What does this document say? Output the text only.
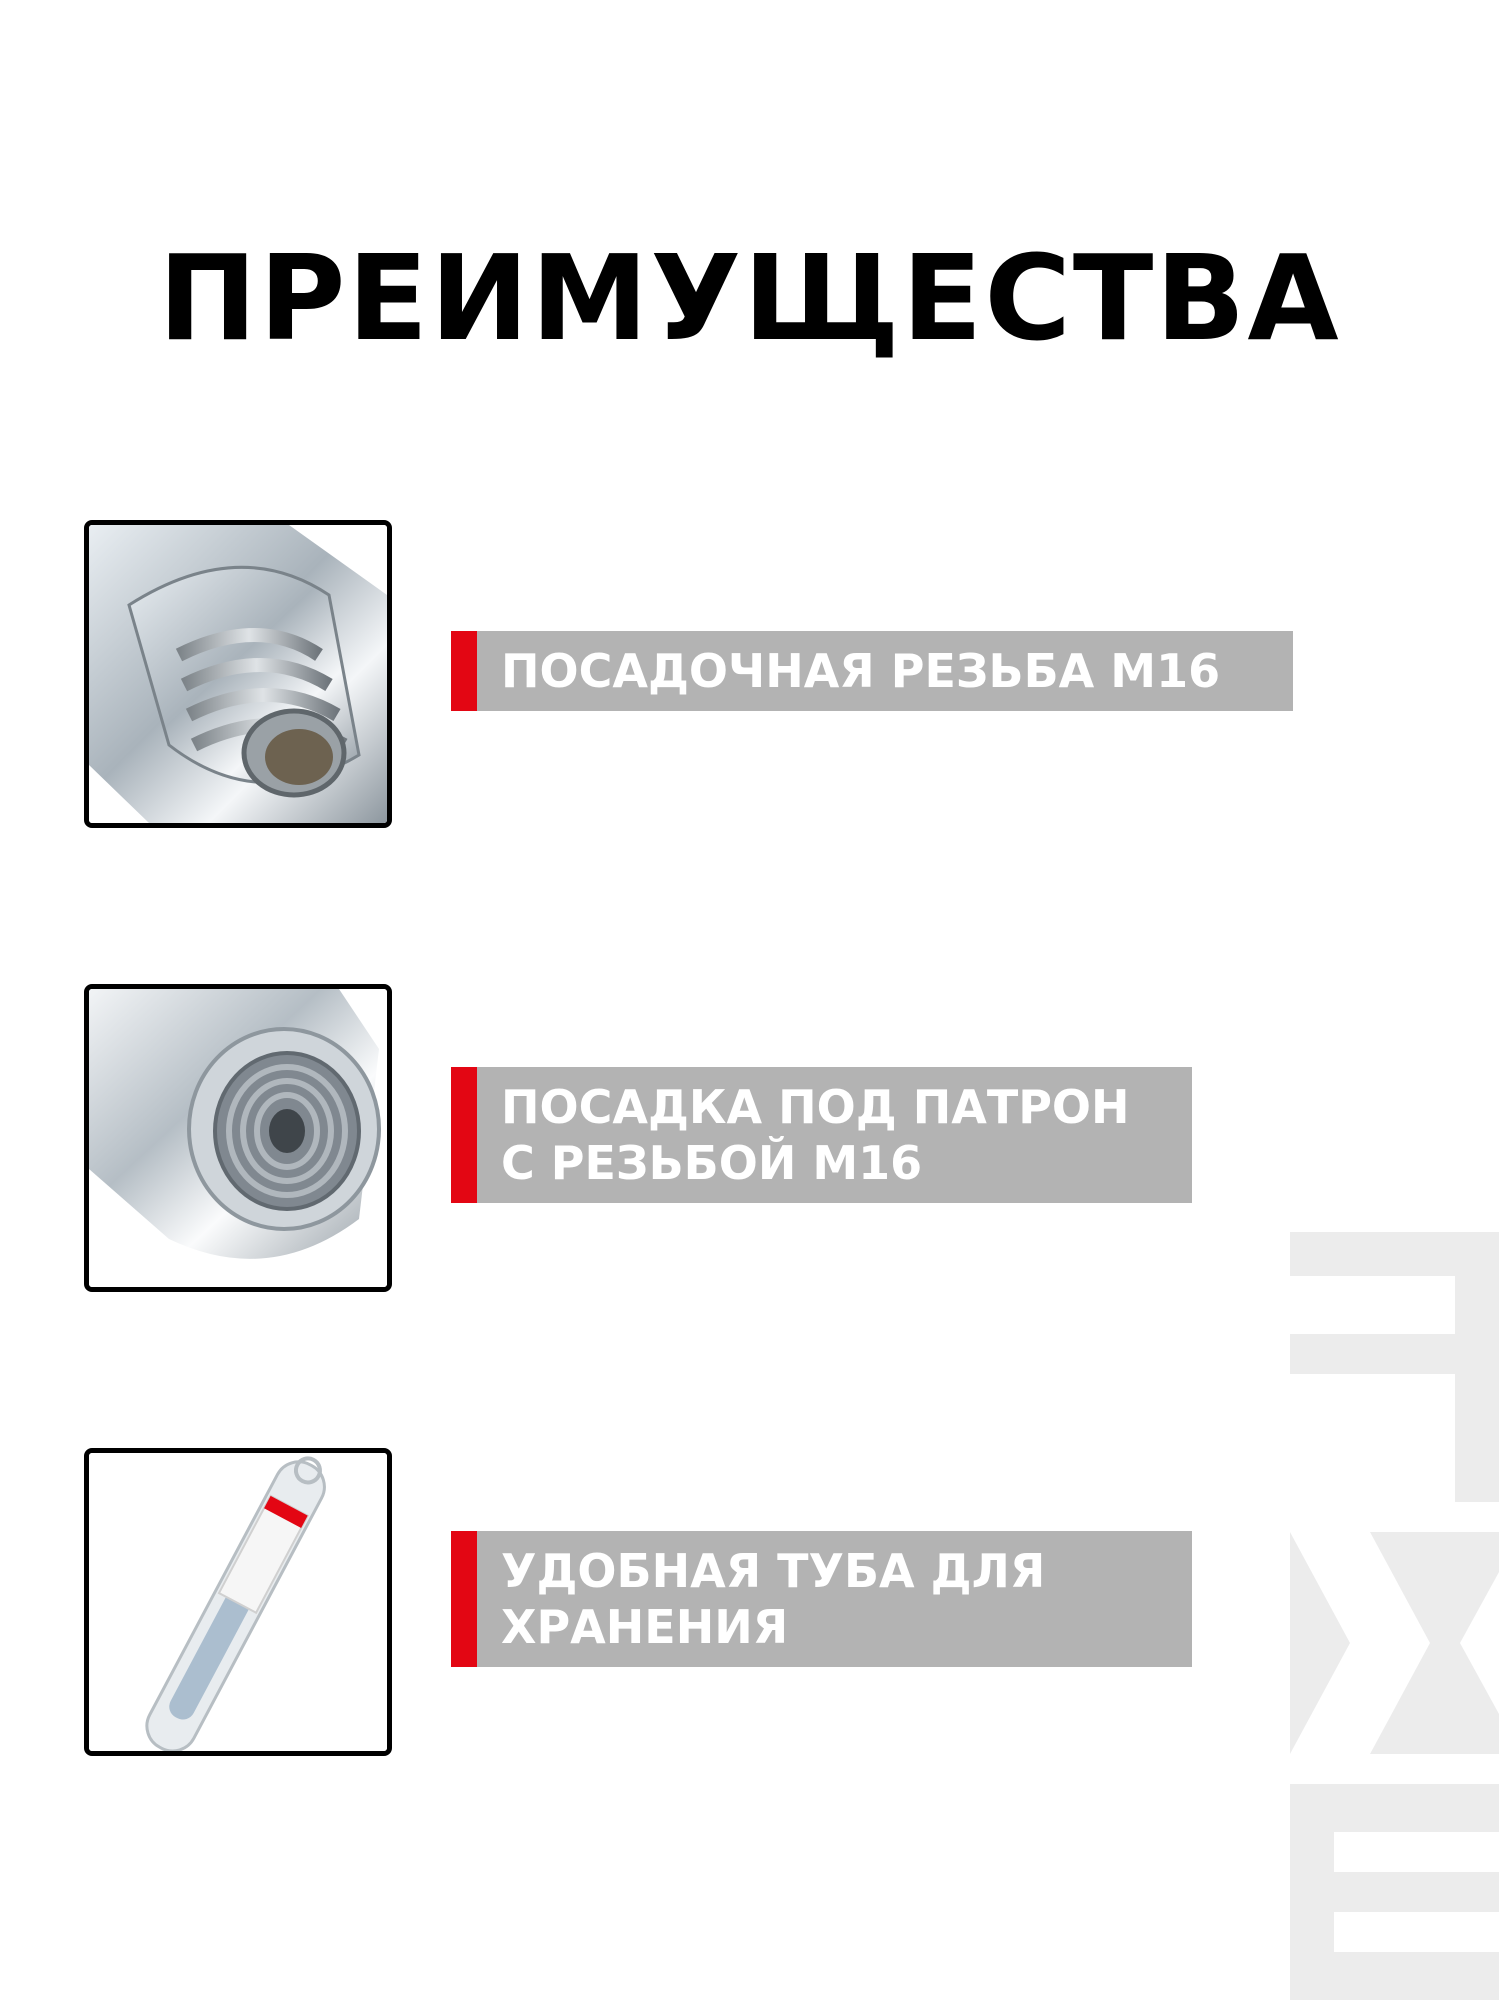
ПРЕИМУЩЕСТВА
ПОСАДОЧНАЯ РЕЗЬБА М16
ПОСАДКА ПОД ПАТРОН
С РЕЗЬБОЙ М16
УДОБНАЯ ТУБА ДЛЯ
ХРАНЕНИЯ
